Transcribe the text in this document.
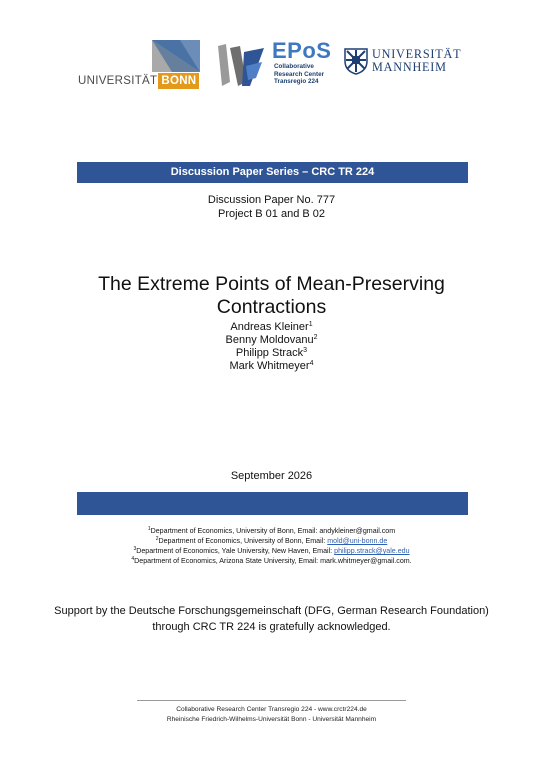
UNIVERSITÄT BONN
EPoS
Collaborative
Research Center
Transregio 224
UNIVERSITÄT
MANNHEIM
Discussion Paper Series – CRC TR 224
Discussion Paper No. 777
Project B 01 and B 02
The Extreme Points of Mean-Preserving
Contractions
Andreas Kleiner$^1$
Benny Moldovanu$^2$
Philipp Strack$^3$
Mark Whitmeyer$^4$
September 2026
$^1$Department of Economics, University of Bonn, Email: andykleiner@gmail.com
$^2$Department of Economics, University of Bonn, Email: mold@uni-bonn.de
$^3$Department of Economics, Yale University, New Haven, Email: philipp.strack@yale.edu
$^4$Department of Economics, Arizona State University, Email: mark.whitmeyer@gmail.com.
Support by the Deutsche Forschungsgemeinschaft (DFG, German Research Foundation)
through CRC TR 224 is gratefully acknowledged.
Collaborative Research Center Transregio 224 - www.crctr224.de
Rheinische Friedrich-Wilhelms-Universität Bonn - Universität Mannheim
